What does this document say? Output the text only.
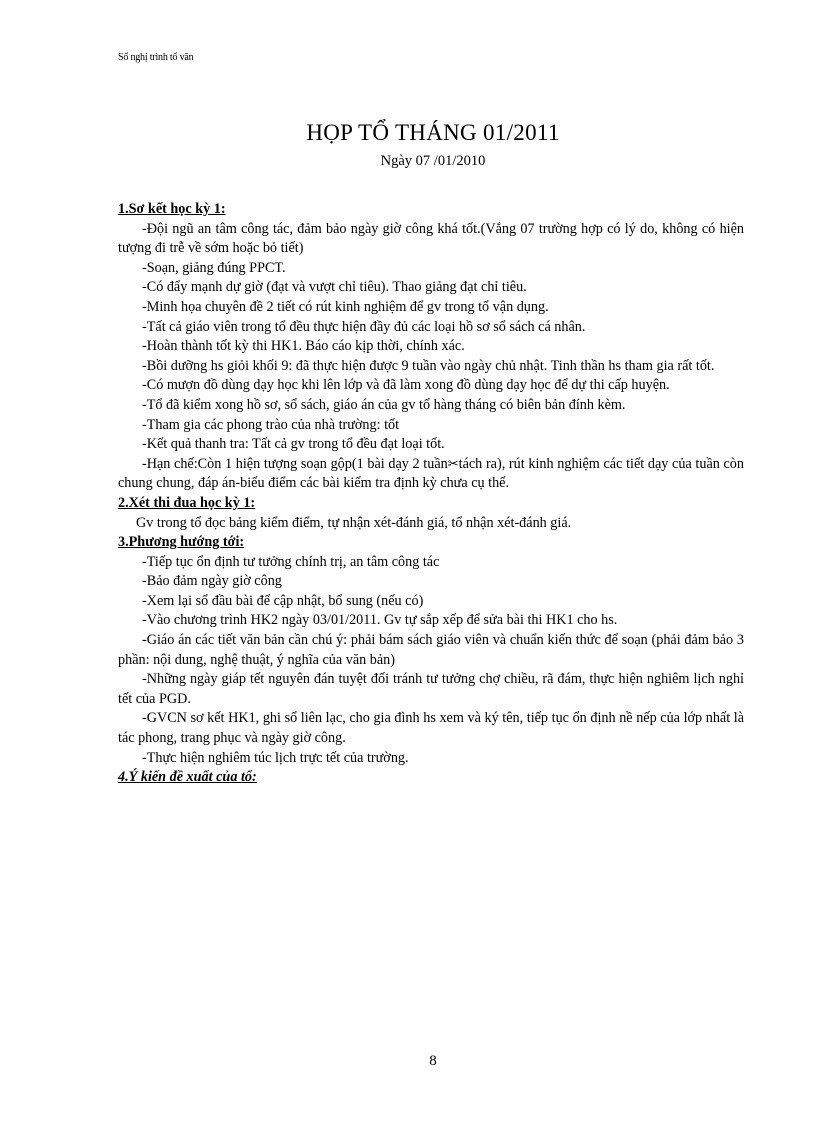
Sổ nghị trình tổ văn
HỌP TỔ THÁNG 01/2011
Ngày 07 /01/2010
1.Sơ kết học kỳ 1:
-Đội ngũ an tâm công tác, đảm bảo ngày giờ công khá tốt.(Vắng 07 trường hợp có lý do, không có hiện tượng đi trễ về sớm hoặc bỏ tiết)
-Soạn, giảng đúng PPCT.
-Có đẩy mạnh dự giờ (đạt và vượt chỉ tiêu). Thao giảng đạt chỉ tiêu.
-Minh họa chuyên đề 2 tiết có rút kinh nghiệm để gv trong tổ vận dụng.
-Tất cả giáo viên trong tổ đều thực hiện đầy đủ các loại hồ sơ sổ sách cá nhân.
-Hoàn thành tốt kỳ thi HK1. Báo cáo kịp thời, chính xác.
-Bồi dưỡng hs giỏi khối 9: đã thực hiện được 9 tuần vào ngày chủ nhật. Tinh thần hs tham gia rất tốt.
-Có mượn đồ dùng dạy học khi lên lớp và đã làm xong đồ dùng dạy học để dự thi cấp huyện.
-Tổ đã kiểm xong hồ sơ, sổ sách, giáo án của gv tổ hàng tháng có biên bản đính kèm.
-Tham gia các phong trào của nhà trường: tốt
-Kết quả thanh tra: Tất cả gv trong tổ đều đạt loại tốt.
-Hạn chế:Còn 1 hiện tượng soạn gộp(1 bài dạy 2 tuần✂tách ra), rút kinh nghiệm các tiết dạy của tuần còn chung chung, đáp án-biểu điểm các bài kiểm tra định kỳ chưa cụ thể.
2.Xét thi đua học kỳ 1:
Gv trong tổ đọc bảng kiểm điểm, tự nhận xét-đánh giá, tổ nhận xét-đánh giá.
3.Phương hướng tới:
-Tiếp tục ổn định tư tưởng chính trị, an tâm công tác
-Bảo đảm ngày giờ công
-Xem lại sổ đầu bài để cập nhật, bổ sung (nếu có)
-Vào chương trình HK2 ngày 03/01/2011. Gv tự sắp xếp để sửa bài thi HK1 cho hs.
-Giáo án các tiết văn bản cần chú ý: phải bám sách giáo viên và chuẩn kiến thức để soạn (phải đảm bảo 3 phần: nội dung, nghệ thuật, ý nghĩa của văn bản)
-Những ngày giáp tết nguyên đán tuyệt đối tránh tư tưởng chợ chiều, rã đám, thực hiện nghiêm lịch nghỉ tết của PGD.
-GVCN sơ kết HK1, ghi sổ liên lạc, cho gia đình hs xem và ký tên, tiếp tục ổn định nề nếp của lớp nhất là tác phong, trang phục và ngày giờ công.
-Thực hiện nghiêm túc lịch trực tết của trường.
4.Ý kiến đề xuất của tổ:
8
